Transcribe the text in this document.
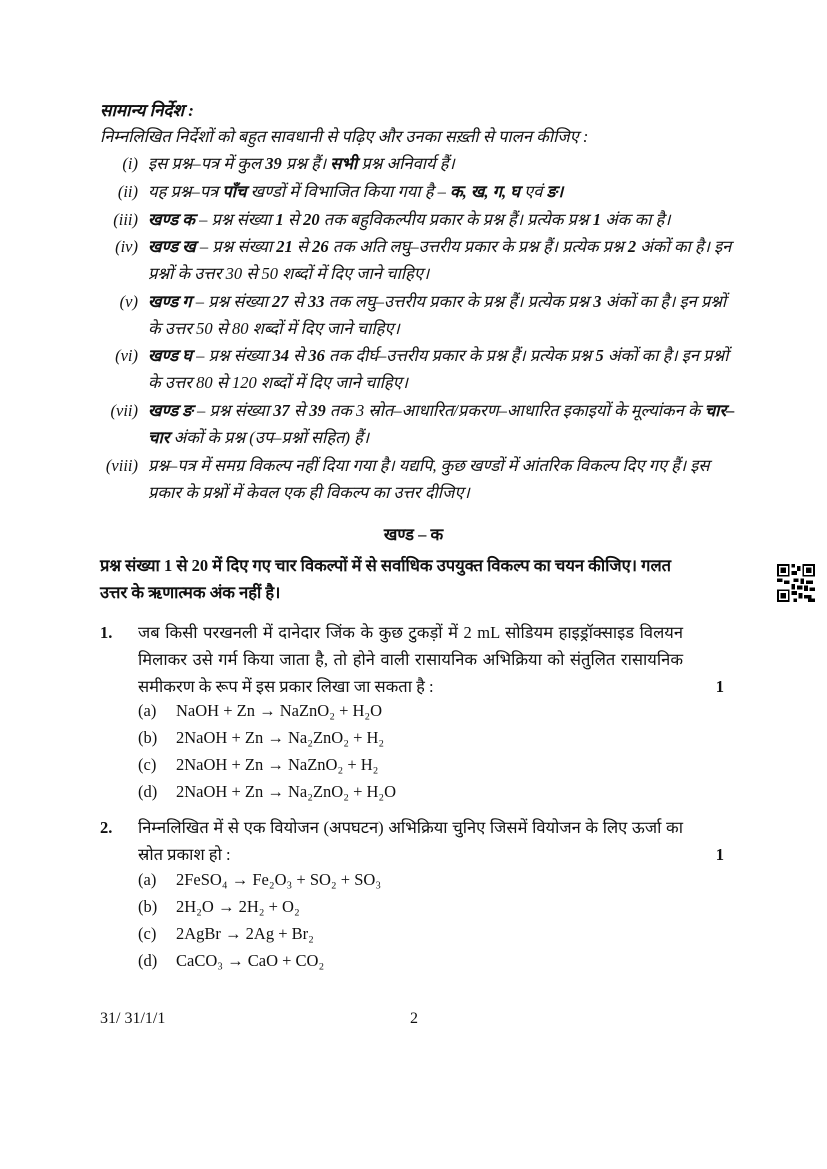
सामान्य निर्देश :
निम्नलिखित निर्देशों को बहुत सावधानी से पढ़िए और उनका सख़्ती से पालन कीजिए :
(i) इस प्रश्न–पत्र में कुल 39 प्रश्न हैं। सभी प्रश्न अनिवार्य हैं।
(ii) यह प्रश्न–पत्र पाँच खण्डों में विभाजित किया गया है – क, ख, ग, घ एवं ङ।
(iii) खण्ड क – प्रश्न संख्या 1 से 20 तक बहुविकल्पीय प्रकार के प्रश्न हैं। प्रत्येक प्रश्न 1 अंक का है।
(iv) खण्ड ख – प्रश्न संख्या 21 से 26 तक अति लघु–उत्तरीय प्रकार के प्रश्न हैं। प्रत्येक प्रश्न 2 अंकों का है। इन प्रश्नों के उत्तर 30 से 50 शब्दों में दिए जाने चाहिए।
(v) खण्ड ग – प्रश्न संख्या 27 से 33 तक लघु–उत्तरीय प्रकार के प्रश्न हैं। प्रत्येक प्रश्न 3 अंकों का है। इन प्रश्नों के उत्तर 50 से 80 शब्दों में दिए जाने चाहिए।
(vi) खण्ड घ – प्रश्न संख्या 34 से 36 तक दीर्घ–उत्तरीय प्रकार के प्रश्न हैं। प्रत्येक प्रश्न 5 अंकों का है। इन प्रश्नों के उत्तर 80 से 120 शब्दों में दिए जाने चाहिए।
(vii) खण्ड ङ – प्रश्न संख्या 37 से 39 तक 3 स्रोत–आधारित/प्रकरण–आधारित इकाइयों के मूल्यांकन के चार–चार अंकों के प्रश्न (उप–प्रश्नों सहित) हैं।
(viii) प्रश्न–पत्र में समग्र विकल्प नहीं दिया गया है। यद्यपि, कुछ खण्डों में आंतरिक विकल्प दिए गए हैं। इस प्रकार के प्रश्नों में केवल एक ही विकल्प का उत्तर दीजिए।
खण्ड – क
प्रश्न संख्या 1 से 20 में दिए गए चार विकल्पों में से सर्वाधिक उपयुक्त विकल्प का चयन कीजिए। गलत उत्तर के ऋणात्मक अंक नहीं है।
1. जब किसी परखनली में दानेदार जिंक के कुछ टुकड़ों में 2 mL सोडियम हाइड्रॉक्साइड विलयन मिलाकर उसे गर्म किया जाता है, तो होने वाली रासायनिक अभिक्रिया को संतुलित रासायनिक समीकरण के रूप में इस प्रकार लिखा जा सकता है :	1
(a) NaOH + Zn → NaZnO₂ + H₂O
(b) 2NaOH + Zn → Na₂ZnO₂ + H₂
(c) 2NaOH + Zn → NaZnO₂ + H₂
(d) 2NaOH + Zn → Na₂ZnO₂ + H₂O
2. निम्नलिखित में से एक वियोजन (अपघटन) अभिक्रिया चुनिए जिसमें वियोजन के लिए ऊर्जा का स्रोत प्रकाश हो :	1
(a) 2FeSO₄ → Fe₂O₃ + SO₂ + SO₃
(b) 2H₂O → 2H₂ + O₂
(c) 2AgBr → 2Ag + Br₂
(d) CaCO₃ → CaO + CO₂
31/ 31/1/1	2
